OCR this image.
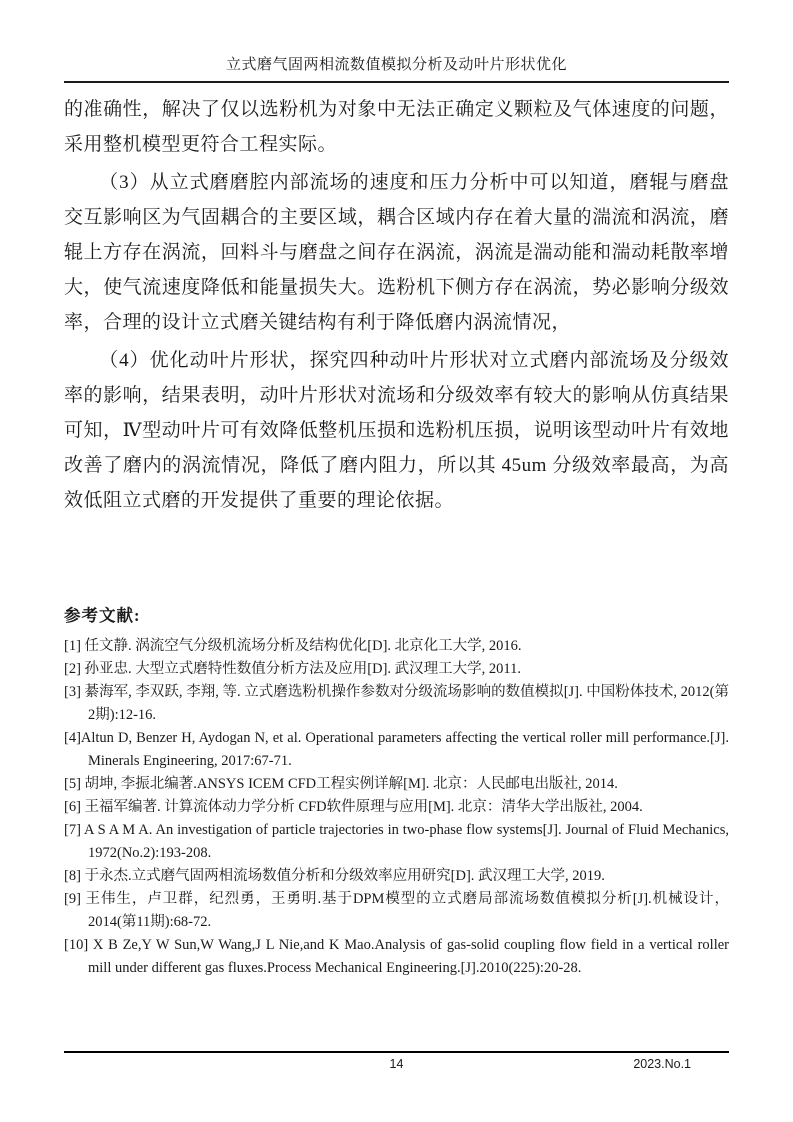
立式磨气固两相流数值模拟分析及动叶片形状优化

的准确性，解决了仅以选粉机为对象中无法正确定义颗粒及气体速度的问题，采用整机模型更符合工程实际。

（3）从立式磨磨腔内部流场的速度和压力分析中可以知道，磨辊与磨盘交互影响区为气固耦合的主要区域，耦合区域内存在着大量的湍流和涡流，磨辊上方存在涡流，回料斗与磨盘之间存在涡流，涡流是湍动能和湍动耗散率增大，使气流速度降低和能量损失大。选粉机下侧方存在涡流，势必影响分级效率，合理的设计立式磨关键结构有利于降低磨内涡流情况，

（4）优化动叶片形状，探究四种动叶片形状对立式磨内部流场及分级效率的影响，结果表明，动叶片形状对流场和分级效率有较大的影响从仿真结果可知，Ⅳ型动叶片可有效降低整机压损和选粉机压损，说明该型动叶片有效地改善了磨内的涡流情况，降低了磨内阻力，所以其 45um 分级效率最高，为高效低阻立式磨的开发提供了重要的理论依据。

参考文献:
[1] 任文静. 涡流空气分级机流场分析及结构优化[D]. 北京化工大学, 2016.
[2] 孙亚忠. 大型立式磨特性数值分析方法及应用[D]. 武汉理工大学, 2011.
[3] 綦海军, 李双跃, 李翔, 等. 立式磨选粉机操作参数对分级流场影响的数值模拟[J]. 中国粉体技术, 2012(第2期):12-16.
[4]Altun D, Benzer H, Aydogan N, et al. Operational parameters affecting the vertical roller mill performance.[J]. Minerals Engineering, 2017:67-71.
[5] 胡坤, 李振北编著.ANSYS ICEM CFD工程实例详解[M]. 北京：人民邮电出版社, 2014.
[6] 王福军编著. 计算流体动力学分析 CFD软件原理与应用[M]. 北京：清华大学出版社, 2004.
[7] A S A M A. An investigation of particle trajectories in two-phase flow systems[J]. Journal of Fluid Mechanics, 1972(No.2):193-208.
[8] 于永杰.立式磨气固两相流场数值分析和分级效率应用研究[D]. 武汉理工大学, 2019.
[9] 王伟生，卢卫群，纪烈勇，王勇明.基于DPM模型的立式磨局部流场数值模拟分析[J].机械设计，2014(第11期):68-72.
[10] X B Ze,Y W Sun,W Wang,J L Nie,and K Mao.Analysis of gas-solid coupling flow field in a vertical roller mill under different gas fluxes.Process Mechanical Engineering.[J].2010(225):20-28.
14	2023.No.1
